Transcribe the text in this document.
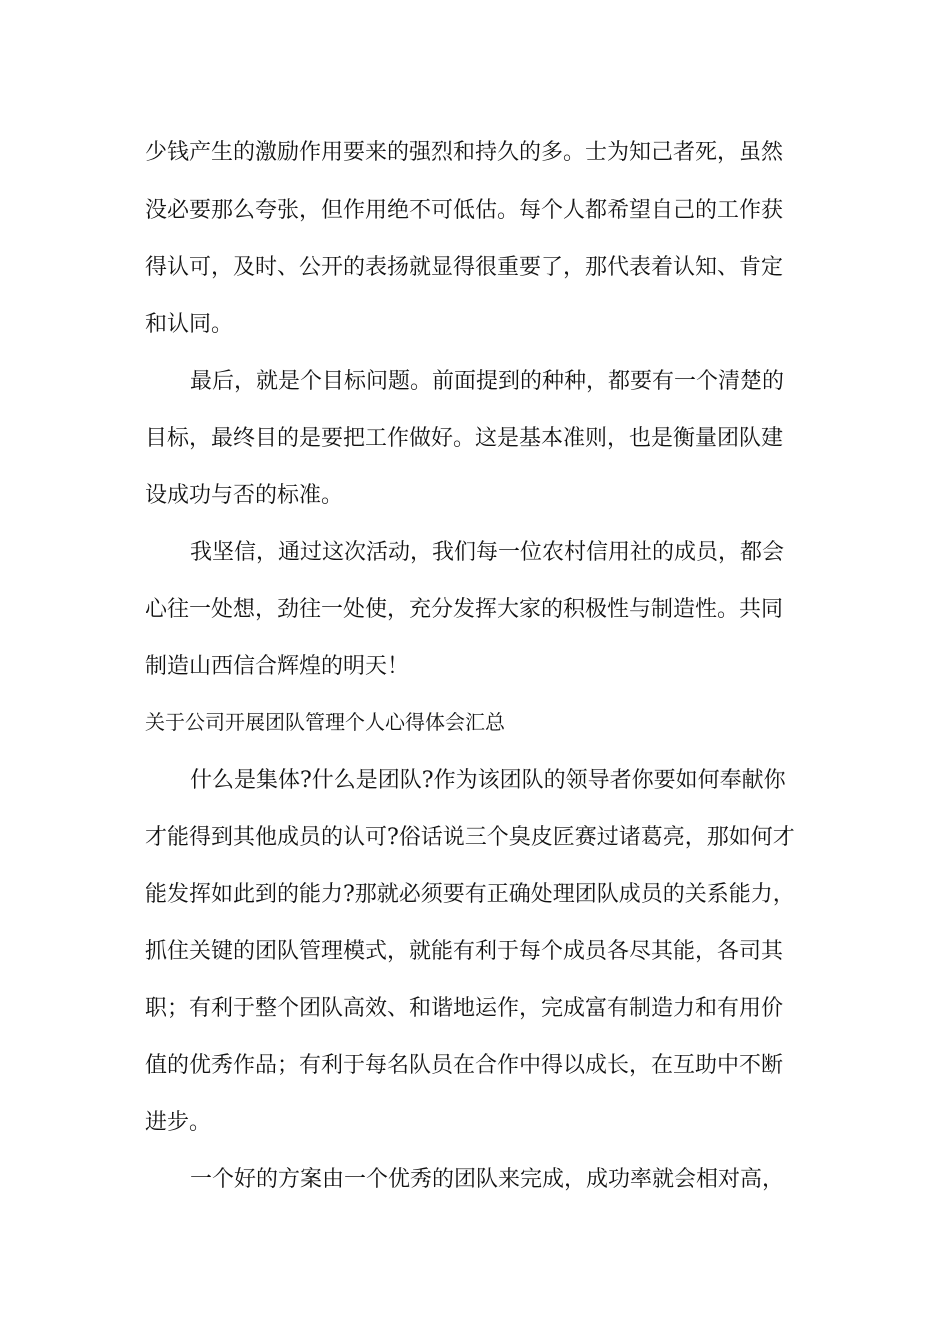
少钱产生的激励作用要来的强烈和持久的多。士为知己者死，虽然
没必要那么夸张，但作用绝不可低估。每个人都希望自己的工作获
得认可，及时、公开的表扬就显得很重要了，那代表着认知、肯定
和认同。
最后，就是个目标问题。前面提到的种种，都要有一个清楚的
目标，最终目的是要把工作做好。这是基本准则，也是衡量团队建
设成功与否的标准。
我坚信，通过这次活动，我们每一位农村信用社的成员，都会
心往一处想，劲往一处使，充分发挥大家的积极性与制造性。共同
制造山西信合辉煌的明天！
关于公司开展团队管理个人心得体会汇总
什么是集体?什么是团队?作为该团队的领导者你要如何奉献你
才能得到其他成员的认可?俗话说三个臭皮匠赛过诸葛亮，那如何才
能发挥如此到的能力?那就必须要有正确处理团队成员的关系能力，
抓住关键的团队管理模式，就能有利于每个成员各尽其能，各司其
职；有利于整个团队高效、和谐地运作，完成富有制造力和有用价
值的优秀作品；有利于每名队员在合作中得以成长，在互助中不断
进步。
一个好的方案由一个优秀的团队来完成，成功率就会相对高，
